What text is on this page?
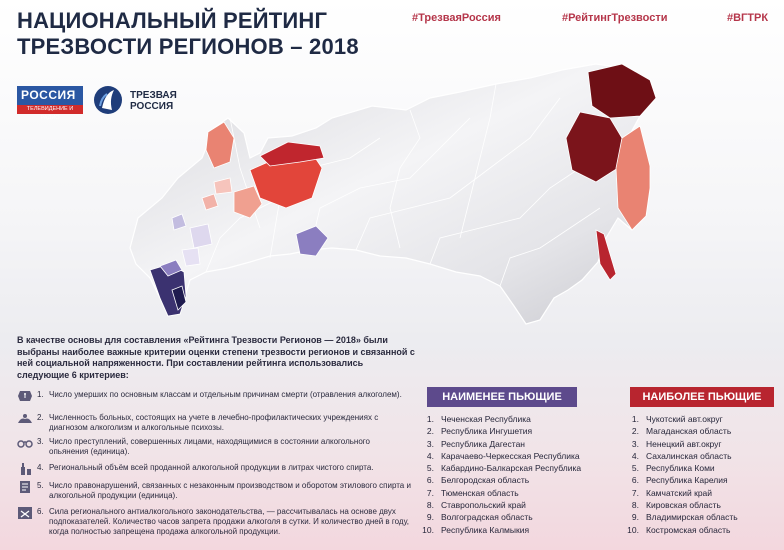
НАЦИОНАЛЬНЫЙ РЕЙТИНГ
ТРЕЗВОСТИ РЕГИОНОВ – 2018
#ТрезваяРоссия	#РейтингТрезвости	#ВГТРК
РОССИЯ
ТЕЛЕВИДЕНИЕ И РАДИО
ТРЕЗВАЯ
РОССИЯ
В качестве основы для составления «Рейтинга Трезвости Регионов — 2018» были выбраны наиболее важные критерии оценки степени трезвости регионов и связанной с ней социальной напряженности. При составлении рейтинга использовались следующие 6 критериев:
1. Число умерших по основным классам и отдельным причинам смерти (отравления алкоголем).
2. Численность больных, состоящих на учете в лечебно-профилактических учреждениях с диагнозом алкоголизм и алкогольные психозы.
3. Число преступлений, совершенных лицами, находящимися в состоянии алкогольного опьянения (единица).
4. Региональный объём всей проданной алкогольной продукции в литрах чистого спирта.
5. Число правонарушений, связанных с незаконным производством и оборотом этилового спирта и алкогольной продукции (единица).
6. Сила регионального антиалкогольного законодательства, — рассчитывалась на основе двух подпоказателей. Количество часов запрета продажи алкоголя в сутки. И количество дней в году, когда полностью запрещена продажа алкогольной продукции.
НАИМЕНЕЕ ПЬЮЩИЕ	НАИБОЛЕЕ ПЬЮЩИЕ
1. Чеченская Республика
2. Республика Ингушетия
3. Республика Дагестан
4. Карачаево-Черкесская Республика
5. Кабардино-Балкарская Республика
6. Белгородская область
7. Тюменская область
8. Ставропольский край
9. Волгоградская область
10. Республика Калмыкия
1. Чукотский авт.округ
2. Магаданская область
3. Ненецкий авт.округ
4. Сахалинская область
5. Республика Коми
6. Республика Карелия
7. Камчатский край
8. Кировская область
9. Владимирская область
10. Костромская область
